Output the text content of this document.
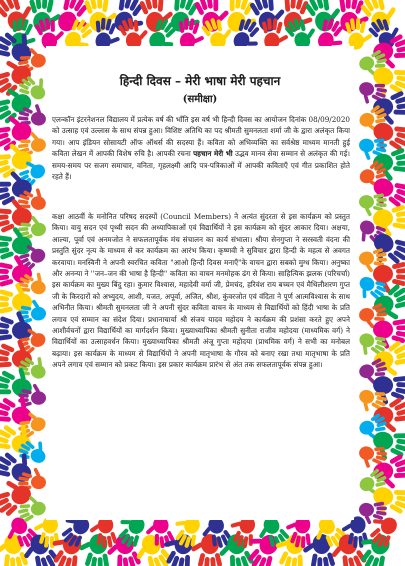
हिन्दी दिवस – मेरी भाषा मेरी पहचान
(समीक्षा)

एलन्कॉन इंटरनेशनल विद्यालय में प्रत्येक वर्ष की भाँति इस वर्ष भी हिन्दी दिवस का आयोजन दिनांक 08/09/2020 को उत्साह एवं उल्लास के साथ संपन्न हुआ। विशिष्ट अतिथि का पद श्रीमती सुमनलता शर्मा जी के द्वारा अलंकृत किया गया। आप इंडियन सोसायटी ऑफ ऑथर्स की सदस्या हैं। कविता को अभिव्यक्ति का सर्वश्रेष्ठ माध्यम मानती हुई कविता लेखन में आपकी विशेष रुचि है। आपकी रचना पहचान मेरी भी उद्भव मानव सेवा सम्मान से अलंकृत की गई। समय-समय पर सजग समाचार, वनिता, गृहलक्ष्मी आदि पत्र-पत्रिकाओं में आपकी कविताएँ एवं गीत प्रकाशित होते रहते हैं।

कक्षा आठवीं के मनोनित परिषद सदस्यों (Council Members) ने अत्यंत सुंदरता से इस कार्यक्रम को प्रस्तुत किया। वायु सदन एवं पृथ्वी सदन की अध्यापिकाओं एवं विद्यार्थियों ने इस कार्यक्रम को सुंदर आकार दिया। अक्षया, आल्या, पूर्वा एवं अनमजोत ने सफलतापूर्वक मंच संचालन का कार्य संभाला। श्रीया सेनगुप्ता ने सरस्वती वंदना की प्रस्तुति सुंदर नृत्य के माध्यम से कर कार्यक्रम का आरंभ किया। कृष्णवी ने सुविचार द्वारा हिन्दी के महत्व से अवगत करवाया। मनस्विनी ने अपनी स्वरचित कविता "आओ हिन्दी दिवस मनाएँ"के वाचन द्वारा सबको मुग्ध किया। अनुष्का और अनन्या ने ''जन–जन की भाषा है हिन्दी'' कविता का वाचन मनमोहक ढंग से किया। साहित्यिक झलक (परिचर्चा) इस कार्यक्रम का मुख्य बिंदु रहा। कुमार विश्वास, महादेवी वर्मा जी, प्रेमचंद, हरिवंश राय बच्चन एवं मैथिलीशरण गुप्त जी के किरदारों को अभ्युदय, आशी, यजत, अपूर्वा, अजित, श्रीश, कुंवरजोत एवं वंदिता ने पूर्ण आत्मविश्वास के साथ अभिनीत किया। श्रीमती सुमनलता जी ने अपनी सुंदर कविता वाचन के माध्यम से विद्यार्थियों को हिंदी भाषा के प्रति लगाव एवं सम्मान का संदेश दिया। प्रधानाचार्या श्री संजय यादव महोदय ने कार्यक्रम की प्रशंसा करते हुए अपने आशीर्वचनों द्वारा विद्यार्थियों का मार्गदर्शन किया। मुख्याध्यापिका श्रीमती सुनीता राजीव महोदया (माध्यमिक वर्ग) ने विद्यार्थियों का उत्साहवर्धन किया। मुख्याध्यापिका श्रीमती अंजू गुप्ता महोदया (प्राथमिक वर्ग) ने सभी का मनोबल बढ़ाया। इस कार्यक्रम के माध्यम से विद्यार्थियों ने अपनी मातृभाषा के गौरव को बनाए रखा तथा मातृभाषा के प्रति अपने लगाव एवं सम्मान को प्रकट किया। इस प्रकार कार्यक्रम प्रारंभ से अंत तक सफलतापूर्वक संपन्न हुआ।
